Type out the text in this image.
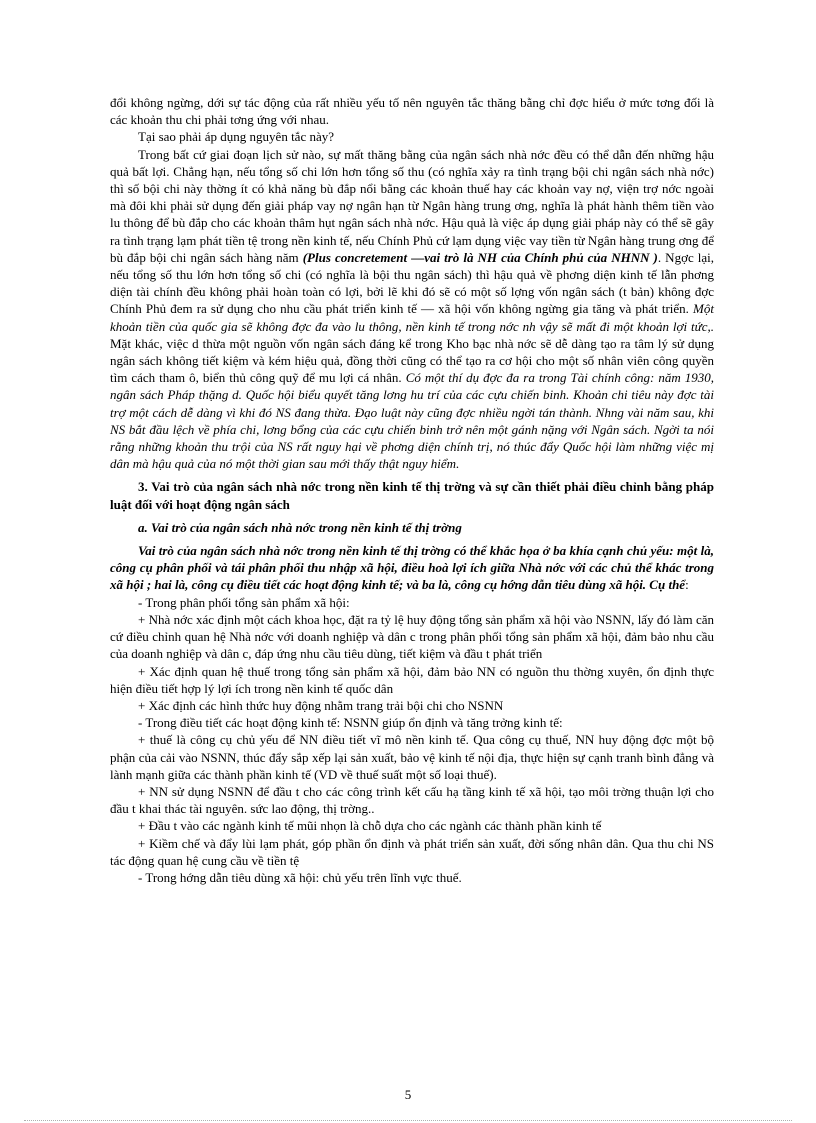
đổi không ngừng, dới sự tác động của rất nhiều yếu tố nên nguyên tắc thăng bằng chỉ đợc hiểu ở mức tơng đối là các khoản thu chi phải tơng ứng với nhau.

Tại sao phải áp dụng nguyên tắc này?

Trong bất cứ giai đoạn lịch sử nào, sự mất thăng bằng của ngân sách nhà nớc đều có thể dẫn đến những hậu quả bất lợi. Chẳng hạn, nếu tổng số chi lớn hơn tổng số thu (có nghĩa xảy ra tình trạng bội chi ngân sách nhà nớc) thì số bội chi này thờng ít có khả năng bù đắp nổi bằng các khoản thuế hay các khoản vay nợ, viện trợ nớc ngoài mà đôi khi phải sử dụng đến giải pháp vay nợ ngân hạn từ Ngân hàng trung ơng, nghĩa là phát hành thêm tiền vào lu thông để bù đắp cho các khoản thâm hụt ngân sách nhà nớc. Hậu quả là việc áp dụng giải pháp này có thể sẽ gây ra tình trạng lạm phát tiền tệ trong nền kinh tế, nếu Chính Phủ cứ lạm dụng việc vay tiền từ Ngân hàng trung ơng để bù đắp bội chi ngân sách hàng năm (Plus concretement —vai trò là NH của Chính phủ của NHNN ). Ngợc lại, nếu tổng số thu lớn hơn tổng số chi (có nghĩa là bội thu ngân sách) thì hậu quả về phơng diện kinh tế lẫn phơng diện tài chính đều không phải hoàn toàn có lợi, bởi lẽ khi đó sẽ có một số lợng vốn ngân sách (t bản) không đợc Chính Phủ đem ra sử dụng cho nhu cầu phát triển kinh tế — xã hội vốn không ngừng gia tăng và phát triển. Một khoản tiền của quốc gia sẽ không đợc đa vào lu thông, nền kinh tế trong nớc nh vậy sẽ mất đi một khoản lợi tức,. Mặt khác, việc d thừa một nguồn vốn ngân sách đáng kể trong Kho bạc nhà nớc sẽ dễ dàng tạo ra tâm lý sử dụng ngân sách không tiết kiệm và kém hiệu quả, đồng thời cũng có thể tạo ra cơ hội cho một số nhân viên công quyền tìm cách tham ô, biển thủ công quỹ để mu lợi cá nhân. Có một thí dụ đợc đa ra trong Tài chính công: năm 1930, ngân sách Pháp thặng d. Quốc hội biểu quyết tăng lơng hu trí của các cựu chiến binh. Khoản chi tiêu này đợc tài trợ một cách dễ dàng vì khi đó NS đang thừa. Đạo luật này cũng đợc nhiều ngời tán thành. Nhng vài năm sau, khi NS bắt đầu lệch về phía chi, lơng bổng của các cựu chiến binh trở nên một gánh nặng với Ngân sách. Ngời ta nói rằng những khoản thu trội của NS rất nguy hại về phơng diện chính trị, nó thúc đẩy Quốc hội làm những việc mị dân mà hậu quả của nó một thời gian sau mới thấy thật nguy hiểm.

3. Vai trò của ngân sách nhà nớc trong nền kinh tế thị trờng và sự cần thiết phải điều chỉnh bằng pháp luật đối với hoạt động ngân sách

a. Vai trò của ngân sách nhà nớc trong nền kinh tế thị trờng

Vai trò của ngân sách nhà nớc trong nền kinh tế thị trờng có thể khắc họa ở ba khía cạnh chủ yếu: một là, công cụ phân phối và tái phân phối thu nhập xã hội, điều hoà lợi ích giữa Nhà nớc với các chủ thể khác trong xã hội ; hai là, công cụ điều tiết các hoạt động kinh tế; và ba là, công cụ hớng dẫn tiêu dùng xã hội. Cụ thể:

- Trong phân phối tổng sản phẩm xã hội:

+ Nhà nớc xác định một cách khoa học, đặt ra tỷ lệ huy động tổng sản phẩm xã hội vào NSNN, lấy đó làm căn cứ điều chỉnh quan hệ Nhà nớc với doanh nghiệp và dân c trong phân phối tổng sản phẩm xã hội, đảm bảo nhu cầu của doanh nghiệp và dân c, đáp ứng nhu cầu tiêu dùng, tiết kiệm và đầu t phát triển

+ Xác định quan hệ thuế trong tổng sản phẩm xã hội, đảm bảo NN có nguồn thu thờng xuyên, ổn định thực hiện điều tiết hợp lý lợi ích trong nền kinh tế quốc dân

+ Xác định các hình thức huy động nhằm trang trải bội chi cho NSNN

- Trong điều tiết các hoạt động kinh tế: NSNN giúp ổn định và tăng trởng kinh tế:

+ thuế là công cụ chủ yếu để NN điều tiết vĩ mô nền kinh tế. Qua công cụ thuế, NN huy động đợc một bộ phận của cải vào NSNN, thúc đẩy sắp xếp lại sản xuất, bảo vệ kinh tế nội địa, thực hiện sự cạnh tranh bình đẳng và lành mạnh giữa các thành phần kinh tế (VD về thuế suất một số loại thuế).

+ NN sử dụng NSNN để đầu t cho các công trình kết cấu hạ tầng kinh tế xã hội, tạo môi trờng thuận lợi cho đầu t khai thác tài nguyên. sức lao động, thị trờng..

+ Đầu t vào các ngành kinh tế mũi nhọn là chỗ dựa cho các ngành các thành phần kinh tế

+ Kiềm chế và đẩy lùi lạm phát, góp phần ổn định và phát triển sản xuất, đời sống nhân dân. Qua thu chi NS tác động quan hệ cung cầu về tiền tệ

- Trong hớng dẫn tiêu dùng xã hội: chủ yếu trên lĩnh vực thuế.

5
